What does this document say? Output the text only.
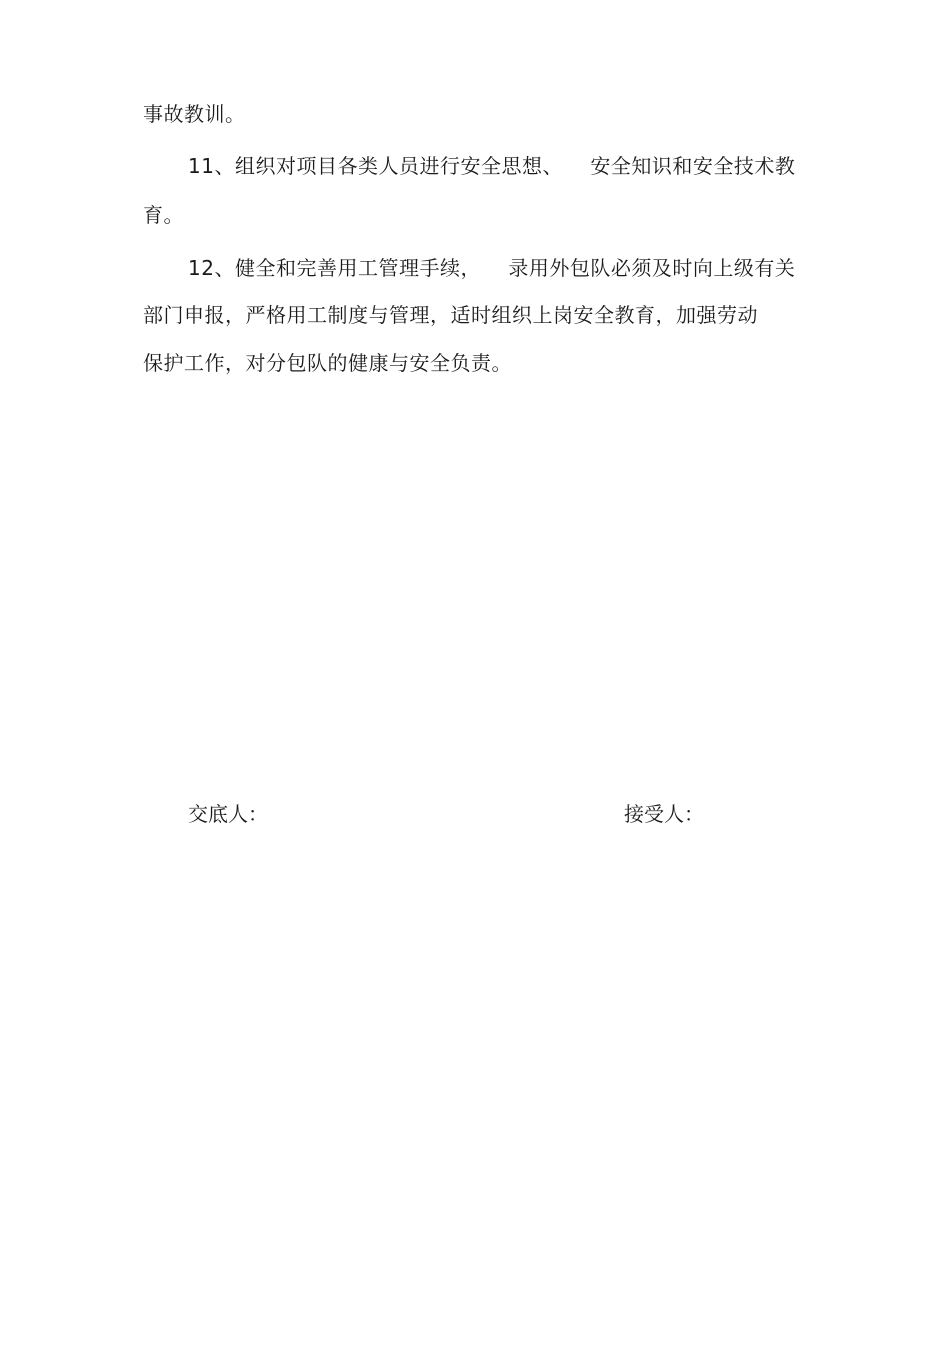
事故教训。
11、组织对项目各类人员进行安全思想、    安全知识和安全技术教
育。
12、健全和完善用工管理手续，    录用外包队必须及时向上级有关
部门申报，严格用工制度与管理，适时组织上岗安全教育，加强劳动
保护工作，对分包队的健康与安全负责。
交底人：	接受人：
